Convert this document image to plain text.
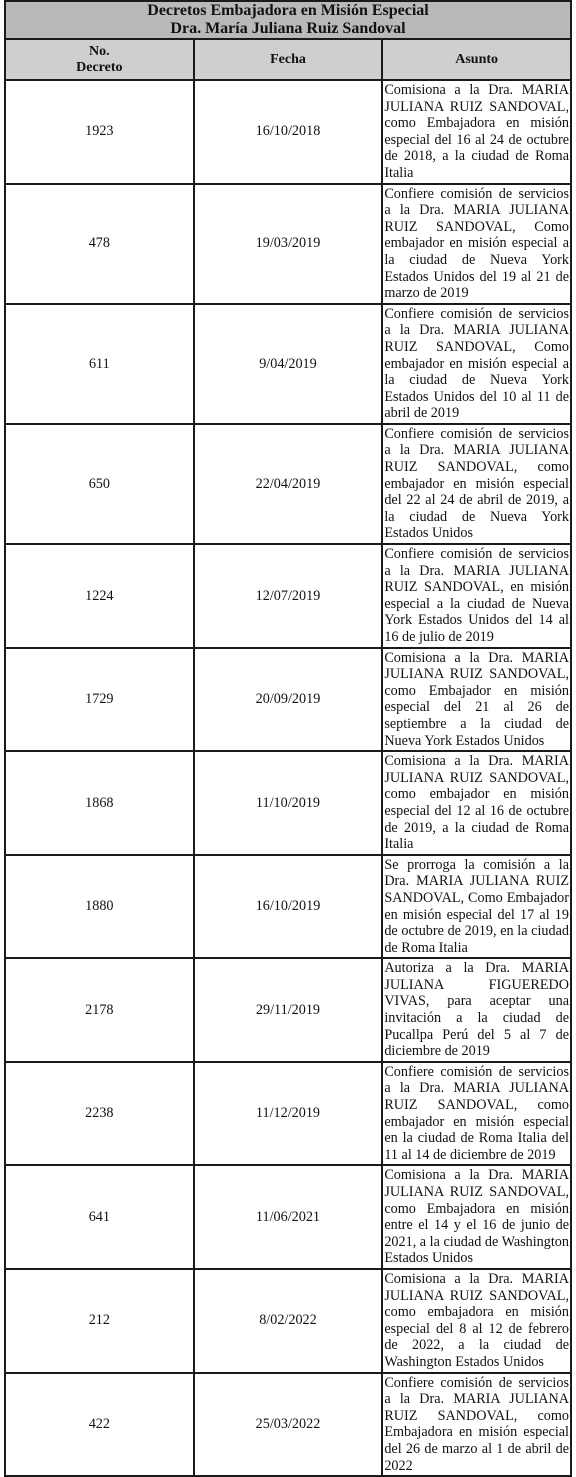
Decretos Embajadora en Misión Especial
Dra. María Juliana Ruiz Sandoval		

No.
Decreto	Fecha	Asunto
1923	16/10/2018	Comisiona a la Dra. MARIA JULIANA RUIZ SANDOVAL, como Embajadora en misión especial del 16 al 24 de octubre de 2018, a la ciudad de Roma Italia
478	19/03/2019	Confiere comisión de servicios a la Dra. MARIA JULIANA RUIZ SANDOVAL, Como embajador en misión especial a la ciudad de Nueva York Estados Unidos del 19 al 21 de marzo de 2019
611	9/04/2019	Confiere comisión de servicios a la Dra. MARIA JULIANA RUIZ SANDOVAL, Como embajador en misión especial a la ciudad de Nueva York Estados Unidos del 10 al 11 de abril de 2019
650	22/04/2019	Confiere comisión de servicios a la Dra. MARIA JULIANA RUIZ SANDOVAL, como embajador en misión especial del 22 al 24 de abril de 2019, a la ciudad de Nueva York Estados Unidos
1224	12/07/2019	Confiere comisión de servicios a la Dra. MARIA JULIANA RUIZ SANDOVAL, en misión especial a la ciudad de Nueva York Estados Unidos del 14 al 16 de julio de 2019
1729	20/09/2019	Comisiona a la Dra. MARIA JULIANA RUIZ SANDOVAL, como Embajador en misión especial del 21 al 26 de septiembre a la ciudad de Nueva York Estados Unidos
1868	11/10/2019	Comisiona a la Dra. MARIA JULIANA RUIZ SANDOVAL, como embajador en misión especial del 12 al 16 de octubre de 2019, a la ciudad de Roma Italia
1880	16/10/2019	Se prorroga la comisión a la Dra. MARIA JULIANA RUIZ SANDOVAL, Como Embajador en misión especial del 17 al 19 de octubre de 2019, en la ciudad de Roma Italia
2178	29/11/2019	Autoriza a la Dra. MARIA JULIANA FIGUEREDO VIVAS, para aceptar una invitación a la ciudad de Pucallpa Perú del 5 al 7 de diciembre de 2019
2238	11/12/2019	Confiere comisión de servicios a la Dra. MARIA JULIANA RUIZ SANDOVAL, como embajador en misión especial en la ciudad de Roma Italia del 11 al 14 de diciembre de 2019
641	11/06/2021	Comisiona a la Dra. MARIA JULIANA RUIZ SANDOVAL, como Embajadora en misión entre el 14 y el 16 de junio de 2021, a la ciudad de Washington Estados Unidos
212	8/02/2022	Comisiona a la Dra. MARIA JULIANA RUIZ SANDOVAL, como embajadora en misión especial del 8 al 12 de febrero de 2022, a la ciudad de Washington Estados Unidos
422	25/03/2022	Confiere comisión de servicios a la Dra. MARIA JULIANA RUIZ SANDOVAL, como Embajadora en misión especial del 26 de marzo al 1 de abril de 2022
